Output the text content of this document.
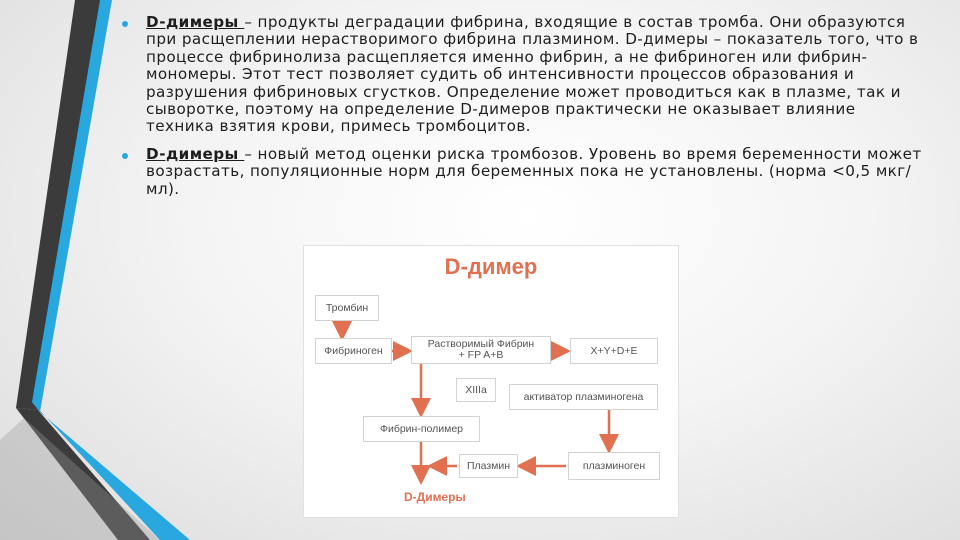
D-димеры – продукты деградации фибрина, входящие в состав тромба. Они образуются при расщеплении нерастворимого фибрина плазмином. D-димеры – показатель того, что в процессе фибринолиза расщепляется именно фибрин, а не фибриноген или фибрин-мономеры. Этот тест позволяет судить об интенсивности процессов образования и разрушения фибриновых сгустков. Определение может проводиться как в плазме, так и сыворотке, поэтому на определение D-димеров практически не оказывает влияние техника взятия крови, примесь тромбоцитов.

D-димеры – новый метод оценки риска тромбозов. Уровень во время беременности может возрастать, популяционные норм для беременных пока не установлены. (норма <0,5 мкг/мл).

D-димер
Тромбин
Фибриноген
Растворимый Фибрин
+ FP A+B	X+Y+D+E
XIIIa
активатор плазминогена
Фибрин-полимер
Плазмин	плазминоген
D-Димеры
